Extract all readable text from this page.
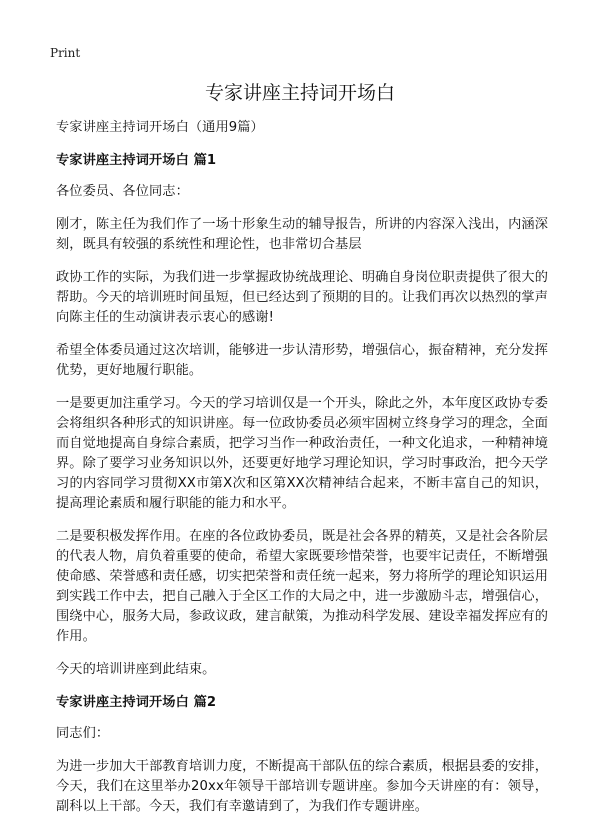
Print
专家讲座主持词开场白

专家讲座主持词开场白（通用9篇）

专家讲座主持词开场白 篇1

各位委员、各位同志：

刚才，陈主任为我们作了一场十形象生动的辅导报告，所讲的内容深入浅出，内涵深刻，既具有较强的系统性和理论性，也非常切合基层

政协工作的实际，为我们进一步掌握政协统战理论、明确自身岗位职责提供了很大的帮助。今天的培训班时间虽短，但已经达到了预期的目的。让我们再次以热烈的掌声向陈主任的生动演讲表示衷心的感谢!

希望全体委员通过这次培训，能够进一步认清形势，增强信心，振奋精神，充分发挥优势，更好地履行职能。

一是要更加注重学习。今天的学习培训仅是一个开头，除此之外，本年度区政协专委会将组织各种形式的知识讲座。每一位政协委员必须牢固树立终身学习的理念，全面而自觉地提高自身综合素质，把学习当作一种政治责任，一种文化追求，一种精神境界。除了要学习业务知识以外，还要更好地学习理论知识，学习时事政治，把今天学习的内容同学习贯彻XX市第X次和区第XX次精神结合起来，不断丰富自己的知识，提高理论素质和履行职能的能力和水平。

二是要积极发挥作用。在座的各位政协委员，既是社会各界的精英，又是社会各阶层的代表人物，肩负着重要的使命，希望大家既要珍惜荣誉，也要牢记责任，不断增强使命感、荣誉感和责任感，切实把荣誉和责任统一起来，努力将所学的理论知识运用到实践工作中去，把自己融入于全区工作的大局之中，进一步激励斗志，增强信心，围绕中心，服务大局，参政议政，建言献策，为推动科学发展、建设幸福发挥应有的作用。

今天的培训讲座到此结束。

专家讲座主持词开场白 篇2

同志们：

为进一步加大干部教育培训力度，不断提高干部队伍的综合素质，根据县委的安排，今天，我们在这里举办20xx年领导干部培训专题讲座。参加今天讲座的有：领导，副科以上干部。今天，我们有幸邀请到了，为我们作专题讲座。
